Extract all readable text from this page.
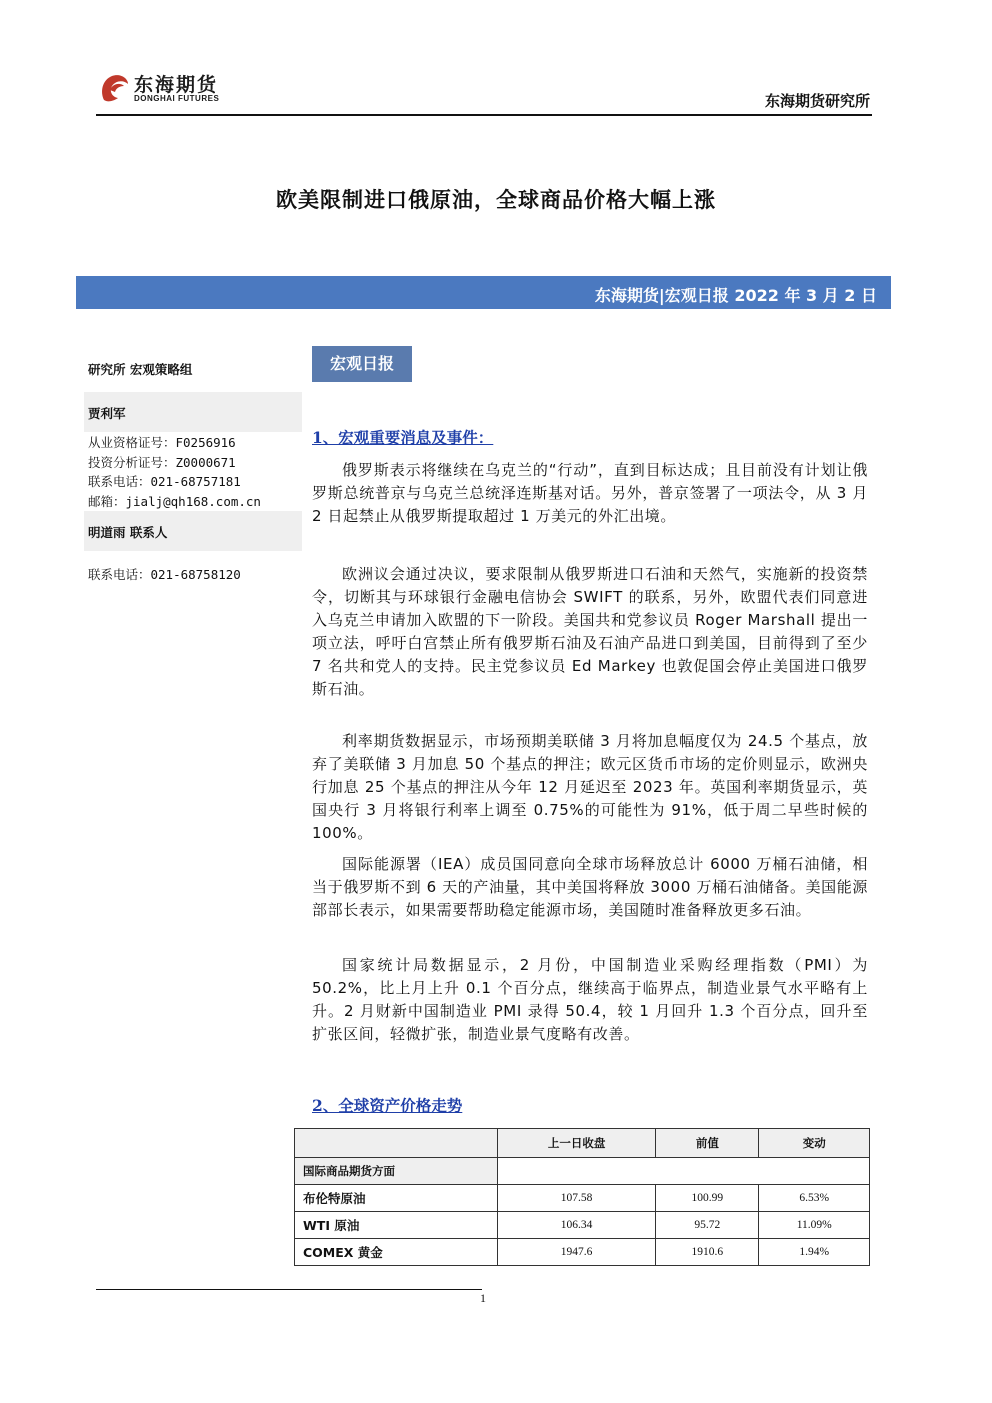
东海期货
DONGHAI FUTURES	东海期货研究所
欧美限制进口俄原油，全球商品价格大幅上涨
东海期货|宏观日报 2022 年 3 月 2 日
研究所 宏观策略组
贾利军
从业资格证号：F0256916
投资分析证号：Z0000671
联系电话：021-68757181
邮箱：jialj@qh168.com.cn
明道雨 联系人
联系电话：021-68758120
宏观日报
1、宏观重要消息及事件：
俄罗斯表示将继续在乌克兰的“行动”，直到目标达成；且目前没有计划让俄罗斯总统普京与乌克兰总统泽连斯基对话。另外，普京签署了一项法令，从 3 月 2 日起禁止从俄罗斯提取超过 1 万美元的外汇出境。
欧洲议会通过决议，要求限制从俄罗斯进口石油和天然气，实施新的投资禁令，切断其与环球银行金融电信协会 SWIFT 的联系，另外，欧盟代表们同意进入乌克兰申请加入欧盟的下一阶段。美国共和党参议员 Roger Marshall 提出一项立法，呼吁白宫禁止所有俄罗斯石油及石油产品进口到美国，目前得到了至少 7 名共和党人的支持。民主党参议员 Ed Markey 也敦促国会停止美国进口俄罗斯石油。
利率期货数据显示，市场预期美联储 3 月将加息幅度仅为 24.5 个基点，放弃了美联储 3 月加息 50 个基点的押注；欧元区货币市场的定价则显示，欧洲央行加息 25 个基点的押注从今年 12 月延迟至 2023 年。英国利率期货显示，英国央行 3 月将银行利率上调至 0.75%的可能性为 91%，低于周二早些时候的 100%。
国际能源署（IEA）成员国同意向全球市场释放总计 6000 万桶石油储，相当于俄罗斯不到 6 天的产油量，其中美国将释放 3000 万桶石油储备。美国能源部部长表示，如果需要帮助稳定能源市场，美国随时准备释放更多石油。
国家统计局数据显示，2 月份，中国制造业采购经理指数（PMI）为 50.2%，比上月上升 0.1 个百分点，继续高于临界点，制造业景气水平略有上升。2 月财新中国制造业 PMI 录得 50.4，较 1 月回升 1.3 个百分点，回升至扩张区间，轻微扩张，制造业景气度略有改善。
2、全球资产价格走势
	上一日收盘	前值	变动
国际商品期货方面			
布伦特原油	107.58	100.99	6.53%
WTI 原油	106.34	95.72	11.09%
COMEX 黄金	1947.6	1910.6	1.94%
1
